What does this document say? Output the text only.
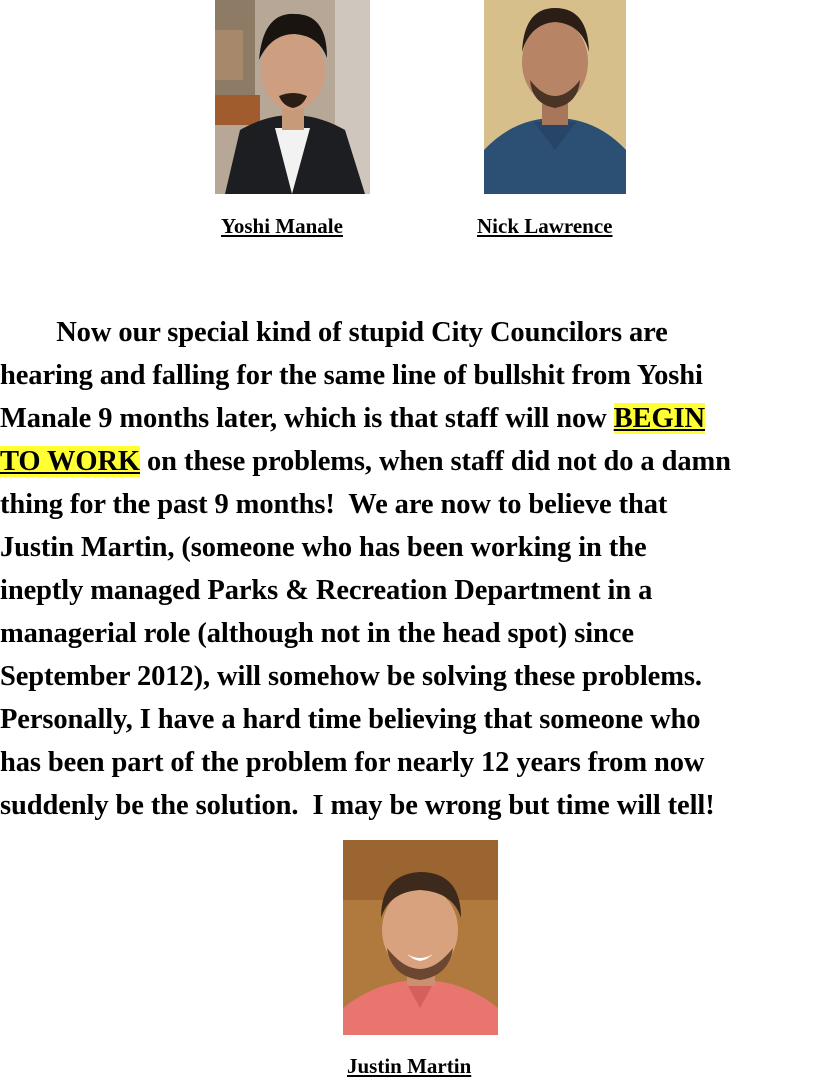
Yoshi Manale	Nick Lawrence
Now our special kind of stupid City Councilors are
hearing and falling for the same line of bullshit from Yoshi
Manale 9 months later, which is that staff will now BEGIN
TO WORK on these problems, when staff did not do a damn
thing for the past 9 months!  We are now to believe that
Justin Martin, (someone who has been working in the
ineptly managed Parks & Recreation Department in a
managerial role (although not in the head spot) since
September 2012), will somehow be solving these problems.
Personally, I have a hard time believing that someone who
has been part of the problem for nearly 12 years from now
suddenly be the solution.  I may be wrong but time will tell!
Justin Martin
